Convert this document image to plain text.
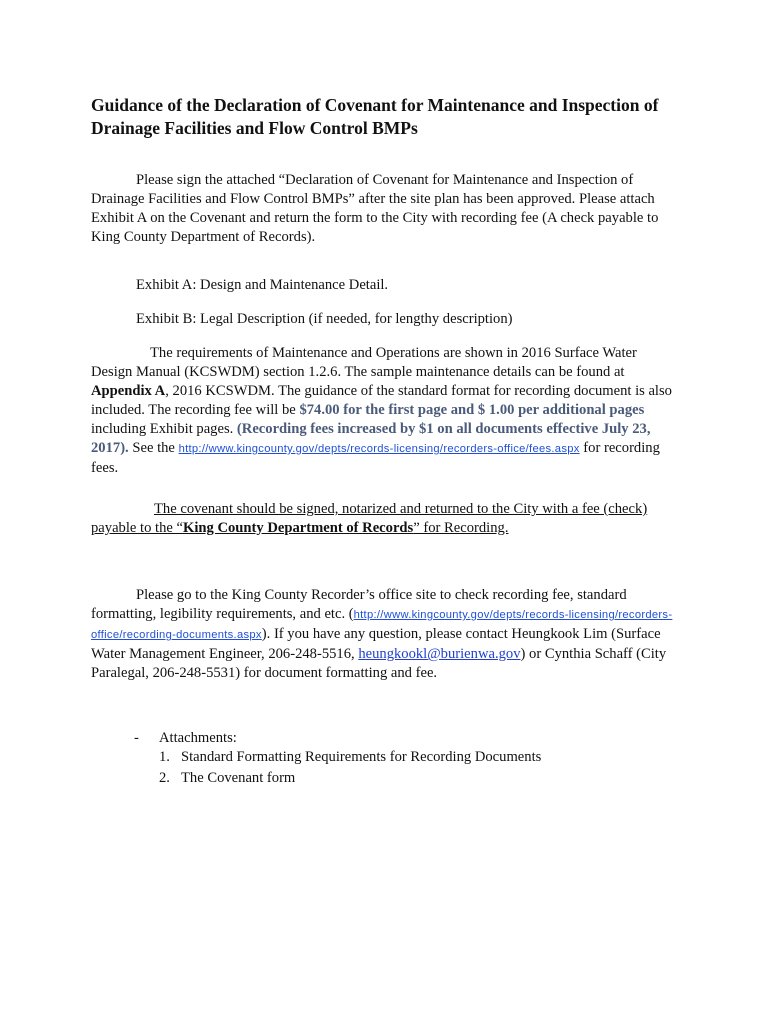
Guidance of the Declaration of Covenant for Maintenance and Inspection of Drainage Facilities and Flow Control BMPs

Please sign the attached “Declaration of Covenant for Maintenance and Inspection of Drainage Facilities and Flow Control BMPs” after the site plan has been approved. Please attach Exhibit A on the Covenant and return the form to the City with recording fee (A check payable to King County Department of Records).

Exhibit A: Design and Maintenance Detail.

Exhibit B: Legal Description (if needed, for lengthy description)

The requirements of Maintenance and Operations are shown in 2016 Surface Water Design Manual (KCSWDM) section 1.2.6. The sample maintenance details can be found at Appendix A, 2016 KCSWDM. The guidance of the standard format for recording document is also included. The recording fee will be $74.00 for the first page and $ 1.00 per additional pages including Exhibit pages. (Recording fees increased by $1 on all documents effective July 23, 2017). See the http://www.kingcounty.gov/depts/records-licensing/recorders-office/fees.aspx for recording fees.

The covenant should be signed, notarized and returned to the City with a fee (check) payable to the “King County Department of Records” for Recording.

Please go to the King County Recorder’s office site to check recording fee, standard formatting, legibility requirements, and etc. (http://www.kingcounty.gov/depts/records-licensing/recorders-office/recording-documents.aspx). If you have any question, please contact Heungkook Lim (Surface Water Management Engineer, 206-248-5516, heungkookl@burienwa.gov) or Cynthia Schaff (City Paralegal, 206-248-5531) for document formatting and fee.

-	Attachments:
1. Standard Formatting Requirements for Recording Documents
2. The Covenant form
